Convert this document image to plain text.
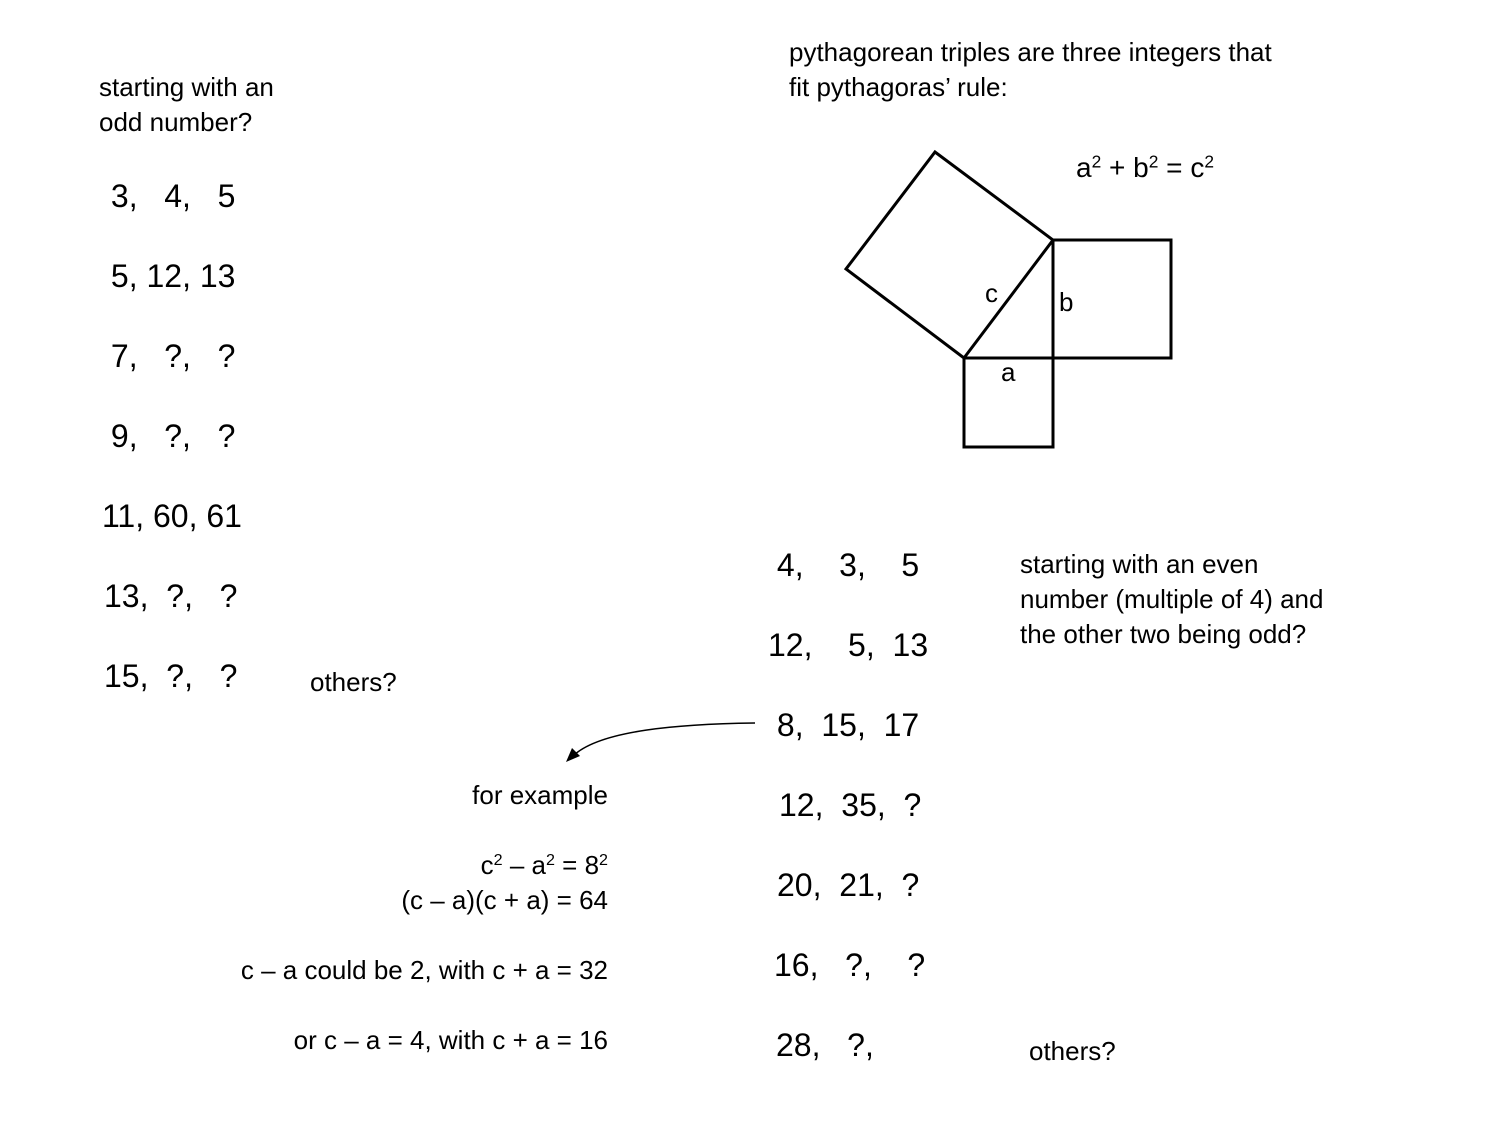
pythagorean triples are three integers that
fit pythagoras’ rule:
$a^2 + b^2 = c^2$
c b
a
starting with an
odd number?
3,   4,   5
5, 12, 13
7,   ?,   ?
9,   ?,   ?
11, 60, 61
13,  ?,   ?
15,  ?,   ?	others?
4,    3,    5
12,    5,  13
8,  15,  17
12,  35,  ?
20,  21,  ?
16,   ?,    ?
28,   ?,
starting with an even
number (multiple of 4) and
the other two being odd?
others?
for example
$c^2 - a^2 = 8^2$
(c – a)(c + a) = 64
c – a could be 2, with c + a = 32
or c – a = 4, with c + a = 16
